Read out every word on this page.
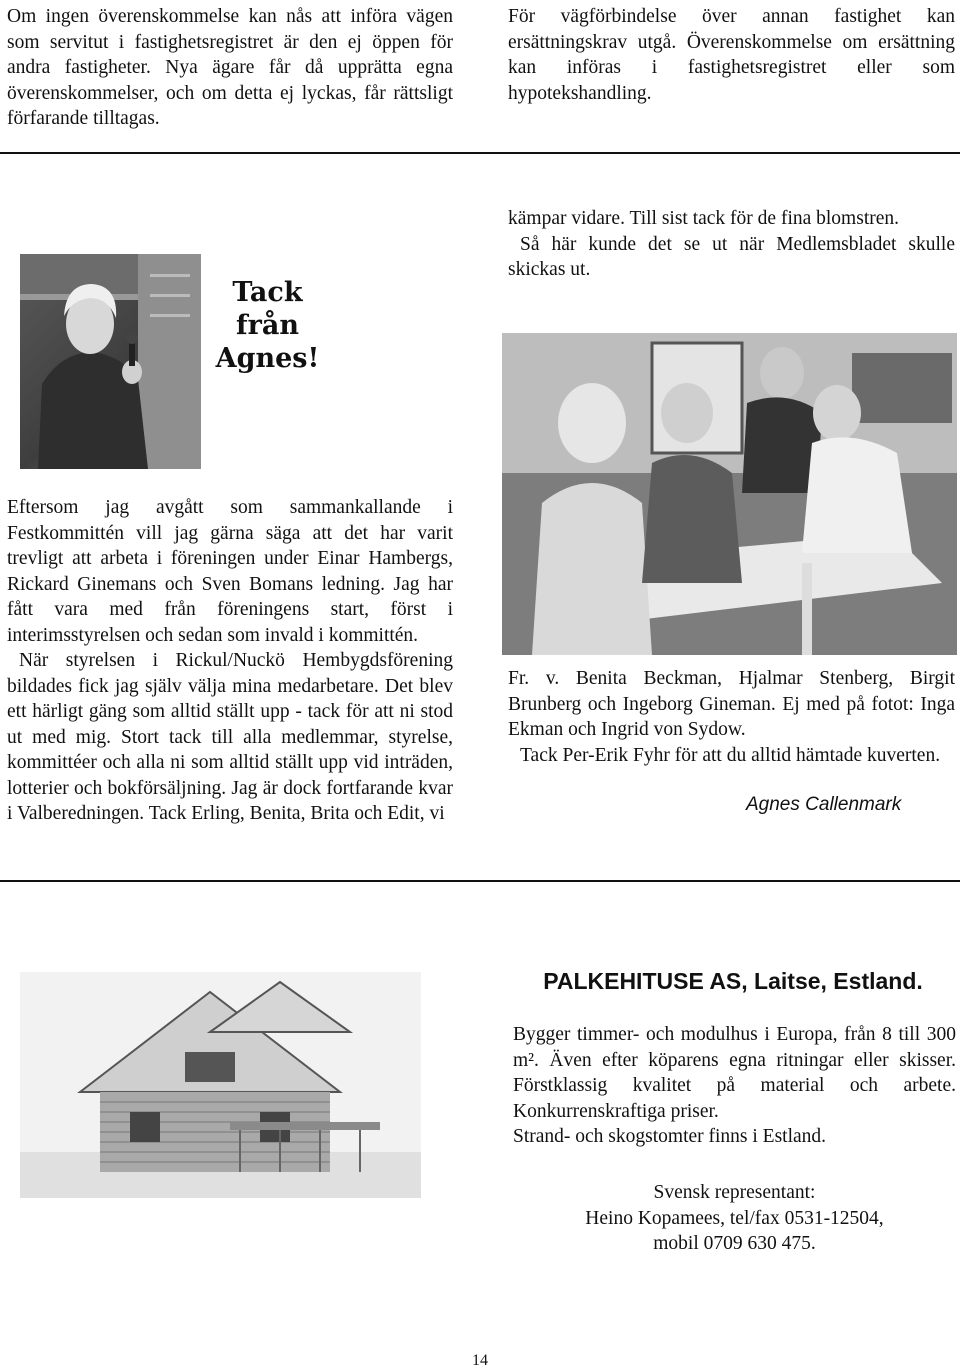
Om ingen överenskommelse kan nås att införa vägen som servitut i fastighetsregistret är den ej öppen för andra fastigheter. Nya ägare får då upprätta egna överenskommelser, och om detta ej lyckas, får rättsligt förfarande tilltagas.

För vägförbindelse över annan fastighet kan ersättningskrav utgå. Överenskommelse om ersättning kan införas i fastighetsregistret eller som hypotekshandling.

Tack
från
Agnes!

kämpar vidare. Till sist tack för de fina blomstren.

Så här kunde det se ut när Medlemsbladet skulle skickas ut.

Eftersom jag avgått som sammankallande i Festkommittén vill jag gärna säga att det har varit trevligt att arbeta i föreningen under Einar Hambergs, Rickard Ginemans och Sven Bomans ledning. Jag har fått vara med från föreningens start, först i interimsstyrelsen och sedan som invald i kommittén.

När styrelsen i Rickul/Nuckö Hembygdsförening bildades fick jag själv välja mina medarbetare. Det blev ett härligt gäng som alltid ställt upp - tack för att ni stod ut med mig. Stort tack till alla medlemmar, styrelse, kommittéer och alla ni som alltid ställt upp vid inträden, lotterier och bokförsäljning. Jag är dock fortfarande kvar i Valberedningen. Tack Erling, Benita, Brita och Edit, vi

Fr. v. Benita Beckman, Hjalmar Stenberg, Birgit Brunberg och Ingeborg Gineman. Ej med på fotot: Inga Ekman och Ingrid von Sydow.

Tack Per-Erik Fyhr för att du alltid hämtade kuverten.

Agnes Callenmark
PALKEHITUSE AS, Laitse, Estland.

Bygger timmer- och modulhus i Europa, från 8 till 300 m². Även efter köparens egna ritningar eller skisser. Förstklassig kvalitet på material och arbete. Konkurrenskraftiga priser.

Strand- och skogstomter finns i Estland.

Svensk representant:

Heino Kopamees, tel/fax 0531-12504,

mobil 0709 630 475.

14
